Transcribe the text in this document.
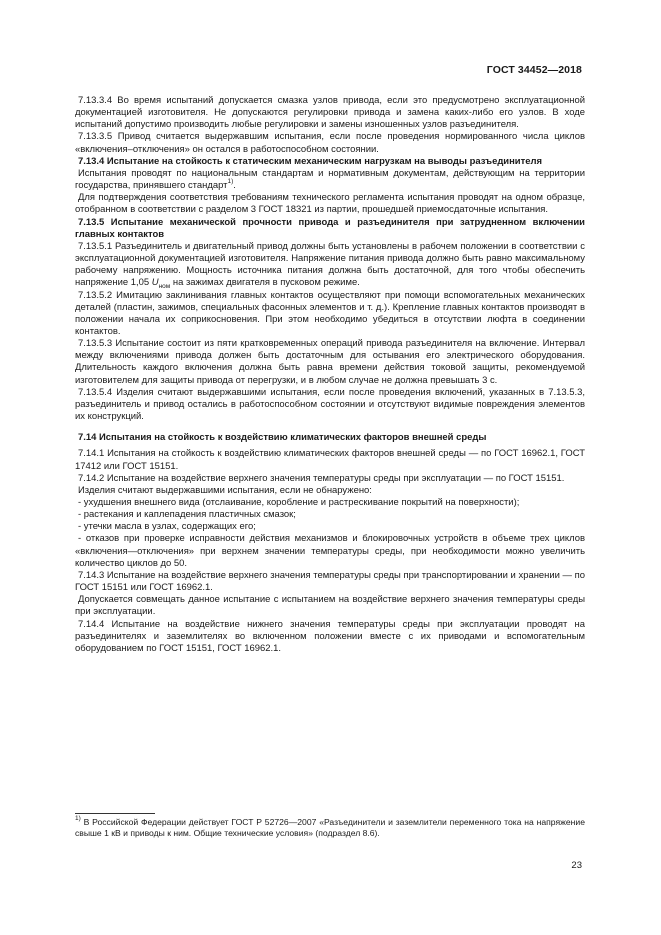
ГОСТ 34452—2018

7.13.3.4 Во время испытаний допускается смазка узлов привода, если это предусмотрено эксплуатационной документацией изготовителя. Не допускаются регулировки привода и замена каких-либо его узлов. В ходе испытаний допустимо производить любые регулировки и замены изношенных узлов разъединителя.

7.13.3.5 Привод считается выдержавшим испытания, если после проведения нормированного числа циклов «включения–отключения» он остался в работоспособном состоянии.

7.13.4 Испытание на стойкость к статическим механическим нагрузкам на выводы разъединителя

Испытания проводят по национальным стандартам и нормативным документам, действующим на территории государства, принявшего стандарт$^{1)}$.

Для подтверждения соответствия требованиям технического регламента испытания проводят на одном образце, отобранном в соответствии с разделом 3 ГОСТ 18321 из партии, прошедшей приемосдаточные испытания.

7.13.5 Испытание механической прочности привода и разъединителя при затрудненном включении главных контактов

7.13.5.1 Разъединитель и двигательный привод должны быть установлены в рабочем положении в соответствии с эксплуатационной документацией изготовителя. Напряжение питания привода должно быть равно максимальному рабочему напряжению. Мощность источника питания должна быть достаточной, для того чтобы обеспечить напряжение 1,05 $U_{ном}$ на зажимах двигателя в пусковом режиме.

7.13.5.2 Имитацию заклинивания главных контактов осуществляют при помощи вспомогательных механических деталей (пластин, зажимов, специальных фасонных элементов и т. д.). Крепление главных контактов производят в положении начала их соприкосновения. При этом необходимо убедиться в отсутствии люфта в соединении контактов.

7.13.5.3 Испытание состоит из пяти кратковременных операций привода разъединителя на включение. Интервал между включениями привода должен быть достаточным для остывания его электрического оборудования. Длительность каждого включения должна быть равна времени действия токовой защиты, рекомендуемой изготовителем для защиты привода от перегрузки, и в любом случае не должна превышать 3 с.

7.13.5.4 Изделия считают выдержавшими испытания, если после проведения включений, указанных в 7.13.5.3, разъединитель и привод остались в работоспособном состоянии и отсутствуют видимые повреждения элементов их конструкций.

7.14 Испытания на стойкость к воздействию климатических факторов внешней среды

7.14.1 Испытания на стойкость к воздействию климатических факторов внешней среды — по ГОСТ 16962.1, ГОСТ 17412 или ГОСТ 15151.

7.14.2 Испытание на воздействие верхнего значения температуры среды при эксплуатации — по ГОСТ 15151.

Изделия считают выдержавшими испытания, если не обнаружено:

- ухудшения внешнего вида (отслаивание, коробление и растрескивание покрытий на поверхности);

- растекания и каплепадения пластичных смазок;

- утечки масла в узлах, содержащих его;

- отказов при проверке исправности действия механизмов и блокировочных устройств в объеме трех циклов «включения—отключения» при верхнем значении температуры среды, при необходимости можно увеличить количество циклов до 50.

7.14.3 Испытание на воздействие верхнего значения температуры среды при транспортировании и хранении — по ГОСТ 15151 или ГОСТ 16962.1.

Допускается совмещать данное испытание с испытанием на воздействие верхнего значения температуры среды при эксплуатации.

7.14.4 Испытание на воздействие нижнего значения температуры среды при эксплуатации проводят на разъединителях и заземлителях во включенном положении вместе с их приводами и вспомогательным оборудованием по ГОСТ 15151, ГОСТ 16962.1.

$^{1)}$ В Российской Федерации действует ГОСТ Р 52726—2007 «Разъединители и заземлители переменного тока на напряжение свыше 1 кВ и приводы к ним. Общие технические условия» (подраздел 8.6).
23
